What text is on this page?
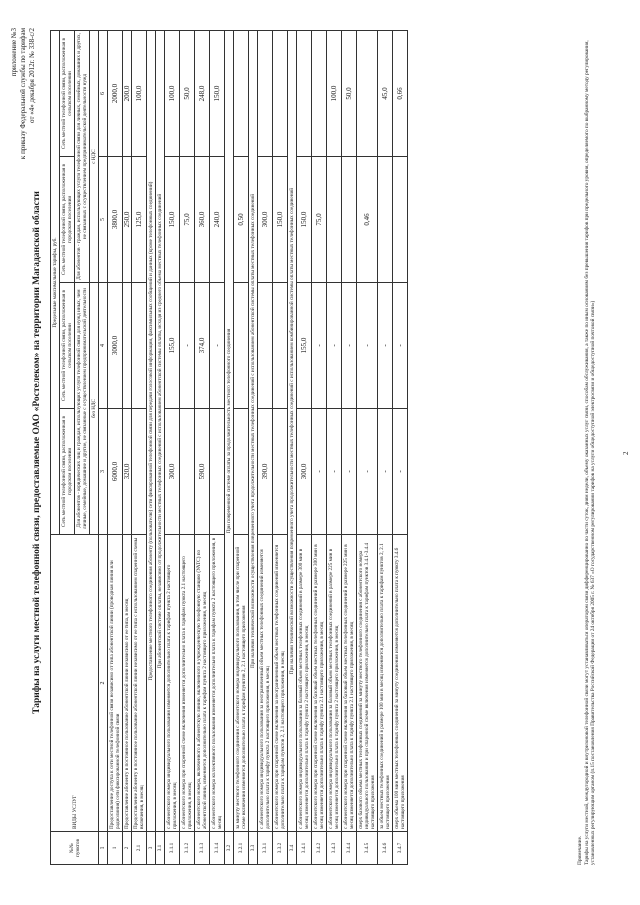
приложение №3 к приказу Федеральной службы по тарифам от «4» декабря 2012г. № 338-с/2
Тарифы на услуги местной телефонной связи, предоставляемые ОАО «Ростелеком» на территории Магаданской области
№№ пунктов	ВИДЫ УСЛУГ	Предельные максимальные тарифы, руб.			
		Сеть местной телефонной связи, расположенная в городском поселении	Сеть местной телефонной связи, расположенная в сельском поселении	Сеть местной телефонной связи, расположенная в городском поселении	Сеть местной телефонной связи, расположенная в сельском поселении
		Для абонентов - юридических лиц и граждан, использующих услуги телефонной связи для нужд иных, чем личные, семейные, домашние и другие, не связанные с осуществлением предпринимательской деятельности		Для абонентов - граждан, использующих услуги телефонной связи для личных, семейных, домашних и других, не связанных с осуществлением предпринимательской деятельности нужд	
		без НДС		с НДС	
1	2	3	4	5	6
1	Предоставление доступа к сети местной телефонной связи независимо от типа абонентской линии (проводная линия или радиолиния) сети фиксированной телефонной связи	6000,0	3000,0	3800,0	2000,0
2	Предоставление абоненту в постоянное пользование абонентской линии независимо от ее типа, в месяц	320,0		250,0	200,0
2.1	Предоставление абоненту в постоянное пользование абонентской линии независимо от ее типа с использованием спаренной схемы включения, в месяц			125,0	100,0
3	Предоставление местного телефонного соединения абоненту (пользователю) сети фиксированной телефонной связи для передачи голосовой информации, факсимильных сообщений и данных (кроме телефонных соединений)				
3.1	При абонентской системе оплаты, независимо от продолжительности местных телефонных соединений с использованием абонентской системы оплаты, исходя из среднего объема местных телефонных соединений				
3.1.1	с абонентского номера индивидуального пользования изменяется дополнительно плата к тарифам пункта 2 настоящего приложения, в месяц	300,0	155,0	150,0	100,0
3.1.2	с абонентского номера при спаренной схеме включения изменяется дополнительно плата к тарифам пункта 2.1 настоящего приложения, в месяц		-	75,0	50,0
3.1.3	с абонентского номера, включенного в абонентскую линию, включенного в учрежденческую телефонную станцию (УАТС) по абонентской линии, изменяется дополнительно плата к тарифам пункта 2 настоящего приложения, в месяц	590,0	374,0	360,0	248,0
3.1.4	с абонентского номера коллективного пользования изменяется дополнительно плата к тарифам пункта 2 настоящего приложения, в месяц		-	240,0	150,0
3.2	При повременной системе оплаты за продолжительность местного телефонного соединения				
3.2.1	за минуту местного телефонного соединения с абонентского номера индивидуального пользования, в том числе при спаренной схеме включения изменяется дополнительно плата к тарифам пунктов 2, 2.1 настоящего приложения			0,50	
3.3	При наличии технической возможности осуществления повременного учета продолжительности местных телефонных соединений с использованием абонентской системы оплаты местных телефонных соединений				
3.3.1	с абонентского номера индивидуального пользования за неограниченный объем местных телефонных соединений изменяется дополнительно плата к тарифу пункта 2 настоящего приложения, в месяц	390,0		300,0	
3.3.2	с абонентского номера при спаренной схеме включения за неограниченный объем местных телефонных соединений изменяется дополнительно плата к тарифам пунктов 2, 2.1 настоящего приложения, в месяц			150,0	
3.4	При наличии технической возможности осуществления повременного учета продолжительности местных телефонных соединений с использованием комбинированной системы оплаты местных телефонных соединений				
3.4.1	с абонентского номера индивидуального пользования за базовый объем местных телефонных соединений в размере 300 мин в месяц изменяется дополнительно плата к тарифу пункта 2 настоящего приложения, в месяц	300,0	155,0	150,0	
3.4.2	с абонентского номера при спаренной схеме включения за базовый объем местных телефонных соединений в размере 300 мин в месяц изменяется дополнительно плата к тарифу пункта 2.1 настоящего приложения, в месяц	-	-	75,0	
3.4.3	с абонентского номера индивидуального пользования за базовый объем местных телефонных соединений в размере 225 мин в месяц изменяется дополнительно плата к тарифу пункта 2 настоящего приложения, в месяц	-	-		100,0
3.4.4	с абонентского номера при спаренной схеме включения за базовый объем местных телефонных соединений в размере 225 мин в месяц изменяется дополнительно плата к тарифу пункта 2.1 настоящего приложения, в месяц	-	-		50,0
3.4.5	сверх базового объема местных телефонных соединений за минуту местного телефонного соединения с абонентского номера индивидуального пользования и при спаренной схеме включения изменяется дополнительно плата к тарифам пунктов 3.4.1-3.4.4 настоящего приложения	-	-	0,46	
3.4.6	за объем местных телефонных соединений в размере 100 мин в месяц изменяется дополнительно плата к тарифам пунктов 2, 2.1 настоящего приложения	-	-		45,0
3.4.7	сверх объема 100 мин местных телефонных соединений за минуту соединения изменяется дополнительно плата к пункту 3.4.6 настоящего приложения	-	-		0,66
Примечание.
Тарифы на услуги местной, междугородной и внутризоновой телефонной связи могут устанавливаться оператором связи дифференцированно по части суток, дням недели, объему оказанных услуг связи, способам обслуживания, а также по иным основаниям без превышения тарифов при предельного уровня, определяемого по выбранному методу регулирования, установленных регулирующим органом (п.15 постановления Правительства Российской Федерации от 24 октября 2005 г. № 637 «О государственном регулировании тарифов на услуги общедоступной электросвязи и общедоступной почтовой связи»)	2
